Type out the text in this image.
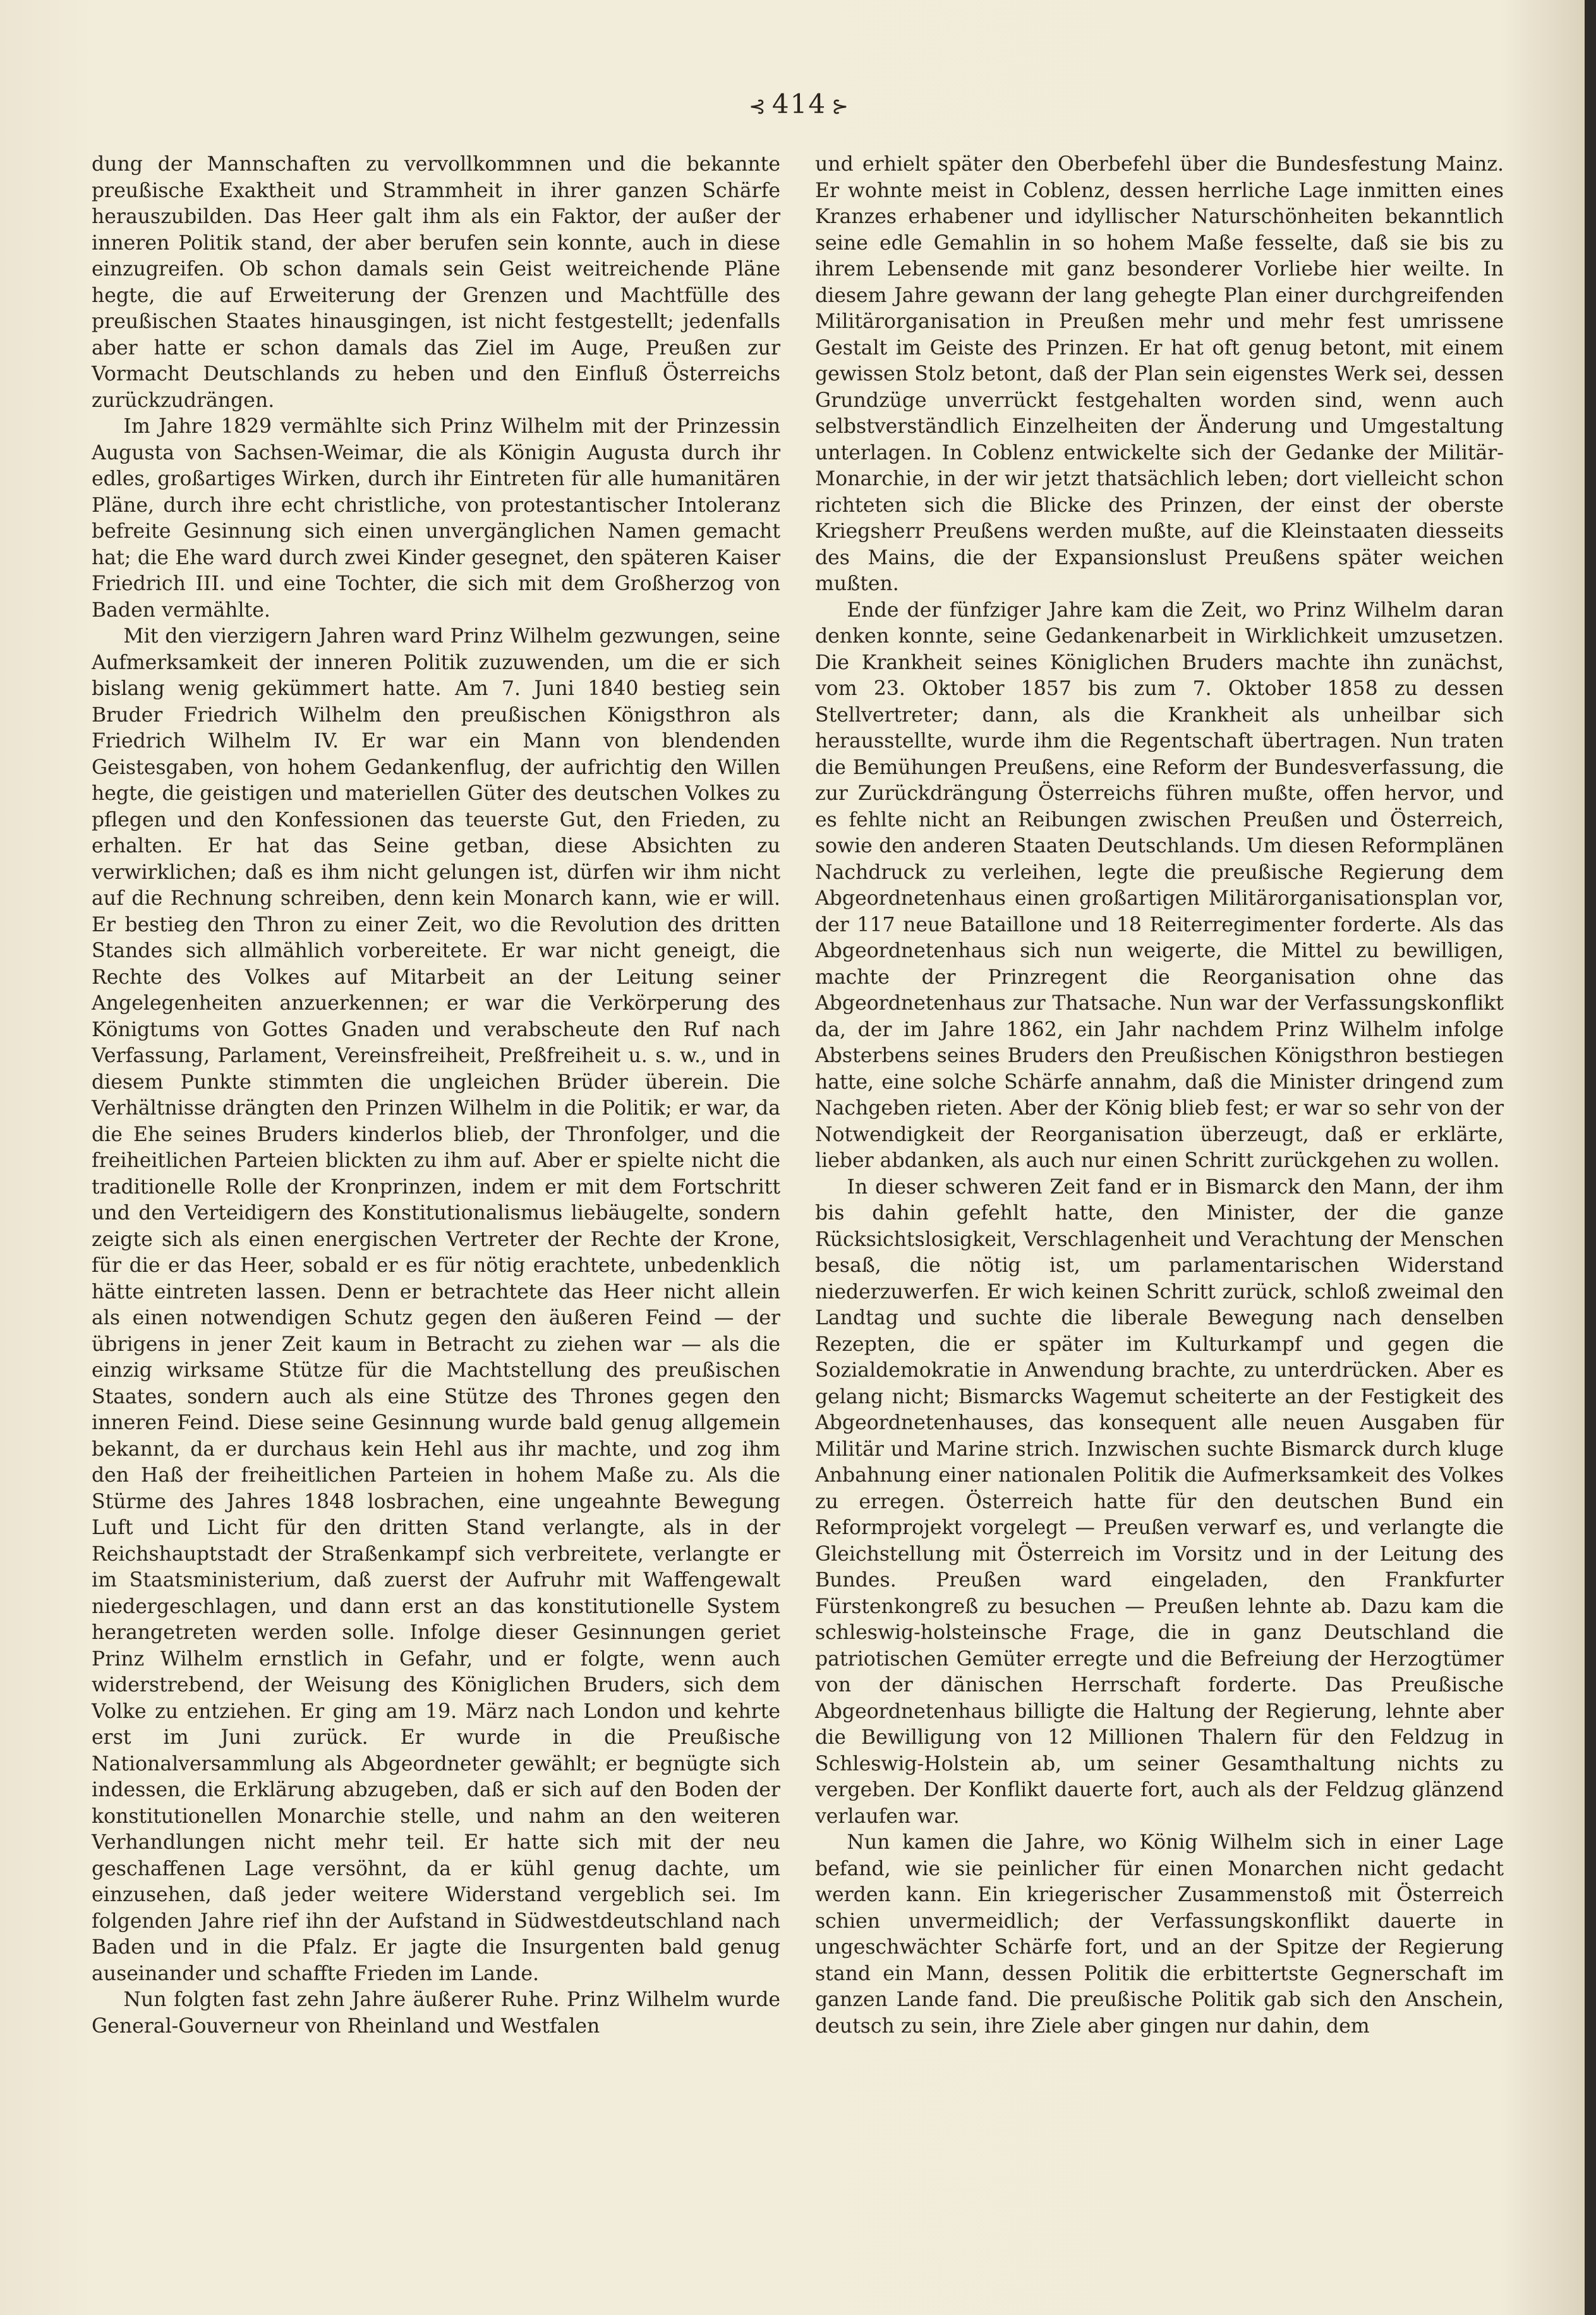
⊰ 414 ⊱

dung der Mannschaften zu vervollkommnen und die bekannte preußische Exaktheit und Strammheit in ihrer ganzen Schärfe herauszubilden. Das Heer galt ihm als ein Faktor, der außer der inneren Politik stand, der aber berufen sein konnte, auch in diese einzugreifen. Ob schon damals sein Geist weitreichende Pläne hegte, die auf Erweiterung der Grenzen und Machtfülle des preußischen Staates hinausgingen, ist nicht festgestellt; jedenfalls aber hatte er schon damals das Ziel im Auge, Preußen zur Vormacht Deutschlands zu heben und den Einfluß Österreichs zurückzudrängen.

Im Jahre 1829 vermählte sich Prinz Wilhelm mit der Prinzessin Augusta von Sachsen-Weimar, die als Königin Augusta durch ihr edles, großartiges Wirken, durch ihr Eintreten für alle humanitären Pläne, durch ihre echt christliche, von protestantischer Intoleranz befreite Gesinnung sich einen unvergänglichen Namen gemacht hat; die Ehe ward durch zwei Kinder gesegnet, den späteren Kaiser Friedrich III. und eine Tochter, die sich mit dem Großherzog von Baden vermählte.

Mit den vierzigern Jahren ward Prinz Wilhelm gezwungen, seine Aufmerksamkeit der inneren Politik zuzuwenden, um die er sich bislang wenig gekümmert hatte. Am 7. Juni 1840 bestieg sein Bruder Friedrich Wilhelm den preußischen Königsthron als Friedrich Wilhelm IV. Er war ein Mann von blendenden Geistesgaben, von hohem Gedankenflug, der aufrichtig den Willen hegte, die geistigen und materiellen Güter des deutschen Volkes zu pflegen und den Konfessionen das teuerste Gut, den Frieden, zu erhalten. Er hat das Seine getban, diese Absichten zu verwirklichen; daß es ihm nicht gelungen ist, dürfen wir ihm nicht auf die Rechnung schreiben, denn kein Monarch kann, wie er will. Er bestieg den Thron zu einer Zeit, wo die Revolution des dritten Standes sich allmählich vorbereitete. Er war nicht geneigt, die Rechte des Volkes auf Mitarbeit an der Leitung seiner Angelegenheiten anzuerkennen; er war die Verkörperung des Königtums von Gottes Gnaden und verabscheute den Ruf nach Verfassung, Parlament, Vereinsfreiheit, Preßfreiheit u. s. w., und in diesem Punkte stimmten die ungleichen Brüder überein. Die Verhältnisse drängten den Prinzen Wilhelm in die Politik; er war, da die Ehe seines Bruders kinderlos blieb, der Thronfolger, und die freiheitlichen Parteien blickten zu ihm auf. Aber er spielte nicht die traditionelle Rolle der Kronprinzen, indem er mit dem Fortschritt und den Verteidigern des Konstitutionalismus liebäugelte, sondern zeigte sich als einen energischen Vertreter der Rechte der Krone, für die er das Heer, sobald er es für nötig erachtete, unbedenklich hätte eintreten lassen. Denn er betrachtete das Heer nicht allein als einen notwendigen Schutz gegen den äußeren Feind — der übrigens in jener Zeit kaum in Betracht zu ziehen war — als die einzig wirksame Stütze für die Machtstellung des preußischen Staates, sondern auch als eine Stütze des Thrones gegen den inneren Feind. Diese seine Gesinnung wurde bald genug allgemein bekannt, da er durchaus kein Hehl aus ihr machte, und zog ihm den Haß der freiheitlichen Parteien in hohem Maße zu. Als die Stürme des Jahres 1848 losbrachen, eine ungeahnte Bewegung Luft und Licht für den dritten Stand verlangte, als in der Reichshauptstadt der Straßenkampf sich verbreitete, verlangte er im Staatsministerium, daß zuerst der Aufruhr mit Waffengewalt niedergeschlagen, und dann erst an das konstitutionelle System herangetreten werden solle. Infolge dieser Gesinnungen geriet Prinz Wilhelm ernstlich in Gefahr, und er folgte, wenn auch widerstrebend, der Weisung des Königlichen Bruders, sich dem Volke zu entziehen. Er ging am 19. März nach London und kehrte erst im Juni zurück. Er wurde in die Preußische Nationalversammlung als Abgeordneter gewählt; er begnügte sich indessen, die Erklärung abzugeben, daß er sich auf den Boden der konstitutionellen Monarchie stelle, und nahm an den weiteren Verhandlungen nicht mehr teil. Er hatte sich mit der neu geschaffenen Lage versöhnt, da er kühl genug dachte, um einzusehen, daß jeder weitere Widerstand vergeblich sei. Im folgenden Jahre rief ihn der Aufstand in Südwestdeutschland nach Baden und in die Pfalz. Er jagte die Insurgenten bald genug auseinander und schaffte Frieden im Lande.

Nun folgten fast zehn Jahre äußerer Ruhe. Prinz Wilhelm wurde General-Gouverneur von Rheinland und Westfalen

und erhielt später den Oberbefehl über die Bundesfestung Mainz. Er wohnte meist in Coblenz, dessen herrliche Lage inmitten eines Kranzes erhabener und idyllischer Naturschönheiten bekanntlich seine edle Gemahlin in so hohem Maße fesselte, daß sie bis zu ihrem Lebensende mit ganz besonderer Vorliebe hier weilte. In diesem Jahre gewann der lang gehegte Plan einer durchgreifenden Militärorganisation in Preußen mehr und mehr fest umrissene Gestalt im Geiste des Prinzen. Er hat oft genug betont, mit einem gewissen Stolz betont, daß der Plan sein eigenstes Werk sei, dessen Grundzüge unverrückt festgehalten worden sind, wenn auch selbstverständlich Einzelheiten der Änderung und Umgestaltung unterlagen. In Coblenz entwickelte sich der Gedanke der Militär-Monarchie, in der wir jetzt thatsächlich leben; dort vielleicht schon richteten sich die Blicke des Prinzen, der einst der oberste Kriegsherr Preußens werden mußte, auf die Kleinstaaten diesseits des Mains, die der Expansionslust Preußens später weichen mußten.

Ende der fünfziger Jahre kam die Zeit, wo Prinz Wilhelm daran denken konnte, seine Gedankenarbeit in Wirklichkeit umzusetzen. Die Krankheit seines Königlichen Bruders machte ihn zunächst, vom 23. Oktober 1857 bis zum 7. Oktober 1858 zu dessen Stellvertreter; dann, als die Krankheit als unheilbar sich herausstellte, wurde ihm die Regentschaft übertragen. Nun traten die Bemühungen Preußens, eine Reform der Bundesverfassung, die zur Zurückdrängung Österreichs führen mußte, offen hervor, und es fehlte nicht an Reibungen zwischen Preußen und Österreich, sowie den anderen Staaten Deutschlands. Um diesen Reformplänen Nachdruck zu verleihen, legte die preußische Regierung dem Abgeordnetenhaus einen großartigen Militärorganisationsplan vor, der 117 neue Bataillone und 18 Reiterregimenter forderte. Als das Abgeordnetenhaus sich nun weigerte, die Mittel zu bewilligen, machte der Prinzregent die Reorganisation ohne das Abgeordnetenhaus zur Thatsache. Nun war der Verfassungskonflikt da, der im Jahre 1862, ein Jahr nachdem Prinz Wilhelm infolge Absterbens seines Bruders den Preußischen Königsthron bestiegen hatte, eine solche Schärfe annahm, daß die Minister dringend zum Nachgeben rieten. Aber der König blieb fest; er war so sehr von der Notwendigkeit der Reorganisation überzeugt, daß er erklärte, lieber abdanken, als auch nur einen Schritt zurückgehen zu wollen.

In dieser schweren Zeit fand er in Bismarck den Mann, der ihm bis dahin gefehlt hatte, den Minister, der die ganze Rücksichtslosigkeit, Verschlagenheit und Verachtung der Menschen besaß, die nötig ist, um parlamentarischen Widerstand niederzuwerfen. Er wich keinen Schritt zurück, schloß zweimal den Landtag und suchte die liberale Bewegung nach denselben Rezepten, die er später im Kulturkampf und gegen die Sozialdemokratie in Anwendung brachte, zu unterdrücken. Aber es gelang nicht; Bismarcks Wagemut scheiterte an der Festigkeit des Abgeordnetenhauses, das konsequent alle neuen Ausgaben für Militär und Marine strich. Inzwischen suchte Bismarck durch kluge Anbahnung einer nationalen Politik die Aufmerksamkeit des Volkes zu erregen. Österreich hatte für den deutschen Bund ein Reformprojekt vorgelegt — Preußen verwarf es, und verlangte die Gleichstellung mit Österreich im Vorsitz und in der Leitung des Bundes. Preußen ward eingeladen, den Frankfurter Fürstenkongreß zu besuchen — Preußen lehnte ab. Dazu kam die schleswig-holsteinsche Frage, die in ganz Deutschland die patriotischen Gemüter erregte und die Befreiung der Herzogtümer von der dänischen Herrschaft forderte. Das Preußische Abgeordnetenhaus billigte die Haltung der Regierung, lehnte aber die Bewilligung von 12 Millionen Thalern für den Feldzug in Schleswig-Holstein ab, um seiner Gesamthaltung nichts zu vergeben. Der Konflikt dauerte fort, auch als der Feldzug glänzend verlaufen war.

Nun kamen die Jahre, wo König Wilhelm sich in einer Lage befand, wie sie peinlicher für einen Monarchen nicht gedacht werden kann. Ein kriegerischer Zusammenstoß mit Österreich schien unvermeidlich; der Verfassungskonflikt dauerte in ungeschwächter Schärfe fort, und an der Spitze der Regierung stand ein Mann, dessen Politik die erbittertste Gegnerschaft im ganzen Lande fand. Die preußische Politik gab sich den Anschein, deutsch zu sein, ihre Ziele aber gingen nur dahin, dem
